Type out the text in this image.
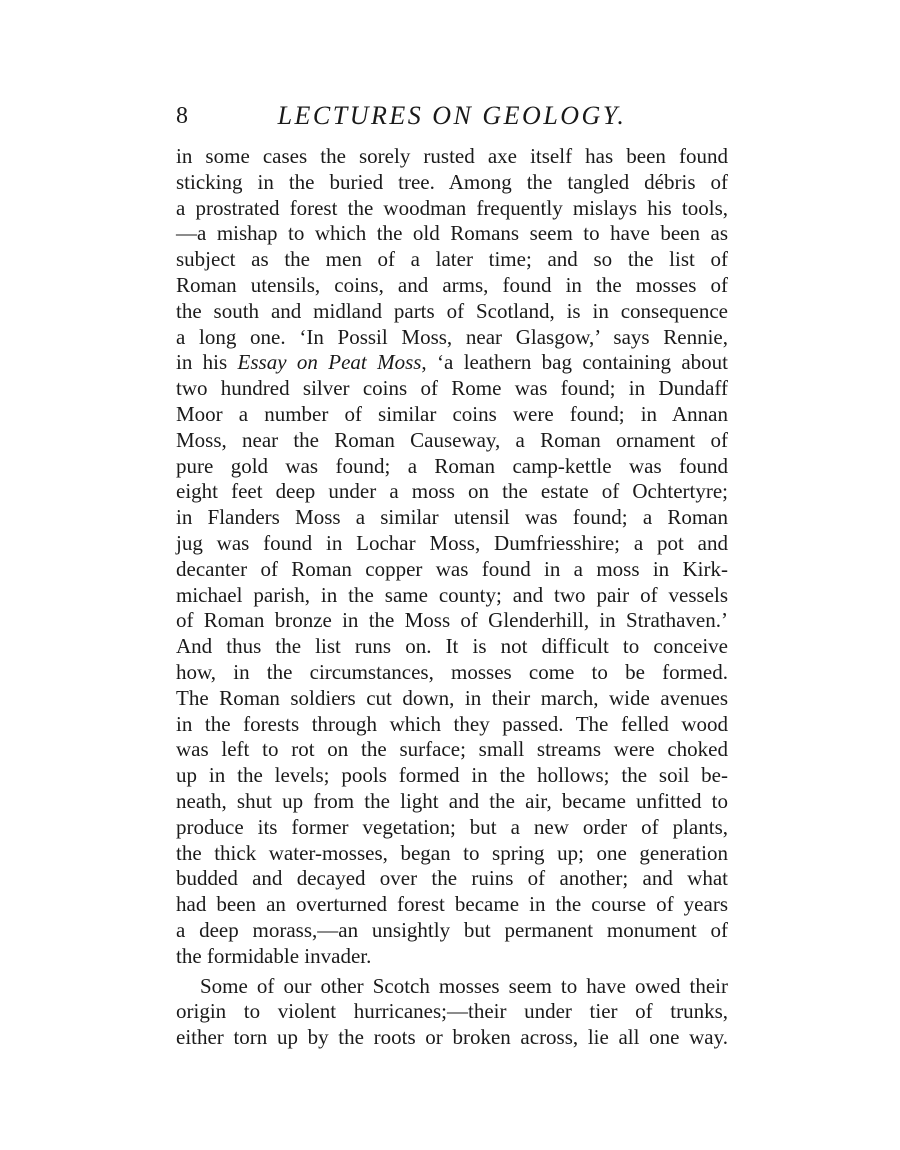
8	LECTURES ON GEOLOGY.
in some cases the sorely rusted axe itself has been found
sticking in the buried tree. Among the tangled débris of
a prostrated forest the woodman frequently mislays his tools,
—a mishap to which the old Romans seem to have been as
subject as the men of a later time; and so the list of
Roman utensils, coins, and arms, found in the mosses of
the south and midland parts of Scotland, is in consequence
a long one. ‘In Possil Moss, near Glasgow,’ says Rennie,
in his Essay on Peat Moss, ‘a leathern bag containing about
two hundred silver coins of Rome was found; in Dundaff
Moor a number of similar coins were found; in Annan
Moss, near the Roman Causeway, a Roman ornament of
pure gold was found; a Roman camp-kettle was found
eight feet deep under a moss on the estate of Ochtertyre;
in Flanders Moss a similar utensil was found; a Roman
jug was found in Lochar Moss, Dumfriesshire; a pot and
decanter of Roman copper was found in a moss in Kirk-
michael parish, in the same county; and two pair of vessels
of Roman bronze in the Moss of Glenderhill, in Strathaven.’
And thus the list runs on. It is not difficult to conceive
how, in the circumstances, mosses come to be formed.
The Roman soldiers cut down, in their march, wide avenues
in the forests through which they passed. The felled wood
was left to rot on the surface; small streams were choked
up in the levels; pools formed in the hollows; the soil be-
neath, shut up from the light and the air, became unfitted to
produce its former vegetation; but a new order of plants,
the thick water-mosses, began to spring up; one generation
budded and decayed over the ruins of another; and what
had been an overturned forest became in the course of years
a deep morass,—an unsightly but permanent monument of
the formidable invader.
Some of our other Scotch mosses seem to have owed their
origin to violent hurricanes;—their under tier of trunks,
either torn up by the roots or broken across, lie all one way.
